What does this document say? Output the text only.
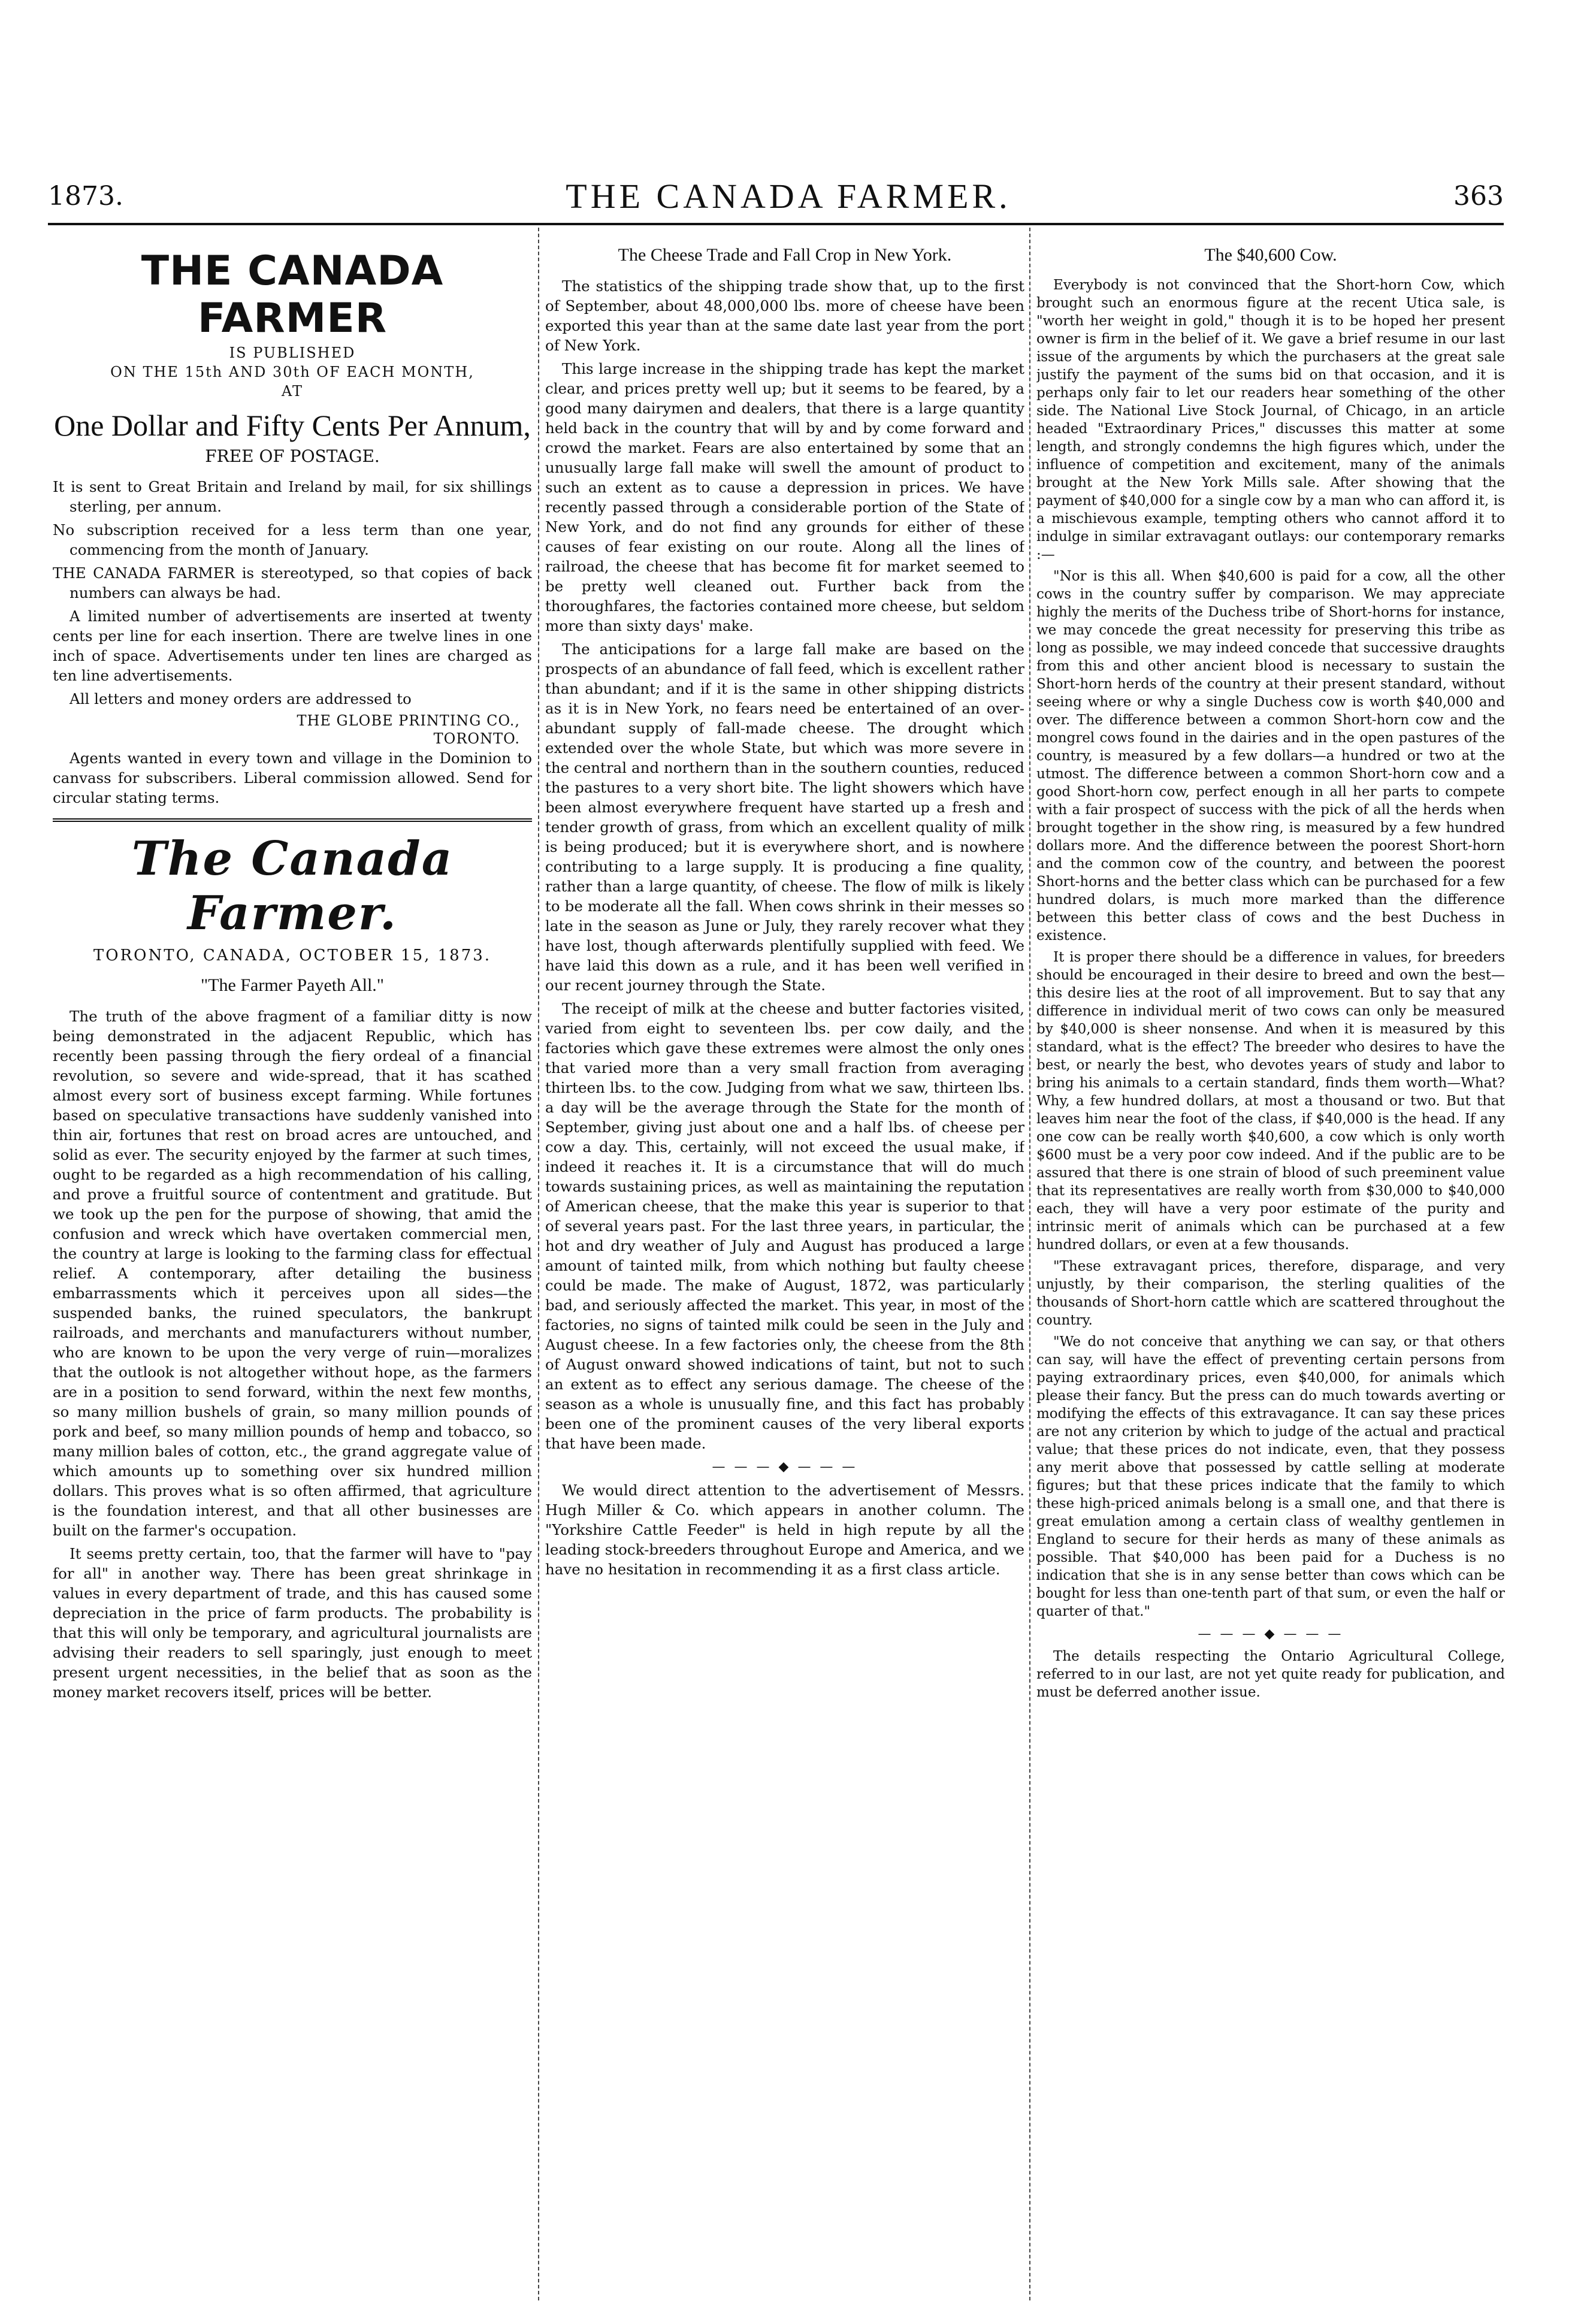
1873.	THE CANADA FARMER.	363
THE CANADA FARMER
IS PUBLISHED
ON THE 15th AND 30th OF EACH MONTH,
AT
One Dollar and Fifty Cents Per Annum,
FREE OF POSTAGE.

It is sent to Great Britain and Ireland by mail, for six shillings sterling, per annum.

No subscription received for a less term than one year, commencing from the month of January.

THE CANADA FARMER is stereotyped, so that copies of back numbers can always be had.

A limited number of advertisements are inserted at twenty cents per line for each insertion. There are twelve lines in one inch of space. Advertisements under ten lines are charged as ten line advertisements.

All letters and money orders are addressed to

THE GLOBE PRINTING CO.,
TORONTO.

Agents wanted in every town and village in the Dominion to canvass for subscribers. Liberal commission allowed. Send for circular stating terms.

The Canada Farmer.
TORONTO, CANADA, OCTOBER 15, 1873.
"The Farmer Payeth All."

The truth of the above fragment of a familiar ditty is now being demonstrated in the adjacent Republic, which has recently been passing through the fiery ordeal of a financial revolution, so severe and wide-spread, that it has scathed almost every sort of business except farming. While fortunes based on speculative transactions have suddenly vanished into thin air, fortunes that rest on broad acres are untouched, and solid as ever. The security enjoyed by the farmer at such times, ought to be regarded as a high recommendation of his calling, and prove a fruitful source of contentment and gratitude. But we took up the pen for the purpose of showing, that amid the confusion and wreck which have overtaken commercial men, the country at large is looking to the farming class for effectual relief. A contemporary, after detailing the business embarrassments which it perceives upon all sides—the suspended banks, the ruined speculators, the bankrupt railroads, and merchants and manufacturers without number, who are known to be upon the very verge of ruin—moralizes that the outlook is not altogether without hope, as the farmers are in a position to send forward, within the next few months, so many million bushels of grain, so many million pounds of pork and beef, so many million pounds of hemp and tobacco, so many million bales of cotton, etc., the grand aggregate value of which amounts up to something over six hundred million dollars. This proves what is so often affirmed, that agriculture is the foundation interest, and that all other businesses are built on the farmer's occupation.

It seems pretty certain, too, that the farmer will have to "pay for all" in another way. There has been great shrinkage in values in every department of trade, and this has caused some depreciation in the price of farm products. The probability is that this will only be temporary, and agricultural journalists are advising their readers to sell sparingly, just enough to meet present urgent necessities, in the belief that as soon as the money market recovers itself, prices will be better.

The Cheese Trade and Fall Crop in New York.

The statistics of the shipping trade show that, up to the first of September, about 48,000,000 lbs. more of cheese have been exported this year than at the same date last year from the port of New York.

This large increase in the shipping trade has kept the market clear, and prices pretty well up; but it seems to be feared, by a good many dairymen and dealers, that there is a large quantity held back in the country that will by and by come forward and crowd the market. Fears are also entertained by some that an unusually large fall make will swell the amount of product to such an extent as to cause a depression in prices. We have recently passed through a considerable portion of the State of New York, and do not find any grounds for either of these causes of fear existing on our route. Along all the lines of railroad, the cheese that has become fit for market seemed to be pretty well cleaned out. Further back from the thoroughfares, the factories contained more cheese, but seldom more than sixty days' make.

The anticipations for a large fall make are based on the prospects of an abundance of fall feed, which is excellent rather than abundant; and if it is the same in other shipping districts as it is in New York, no fears need be entertained of an over-abundant supply of fall-made cheese. The drought which extended over the whole State, but which was more severe in the central and northern than in the southern counties, reduced the pastures to a very short bite. The light showers which have been almost everywhere frequent have started up a fresh and tender growth of grass, from which an excellent quality of milk is being produced; but it is everywhere short, and is nowhere contributing to a large supply. It is producing a fine quality, rather than a large quantity, of cheese. The flow of milk is likely to be moderate all the fall. When cows shrink in their messes so late in the season as June or July, they rarely recover what they have lost, though afterwards plentifully supplied with feed. We have laid this down as a rule, and it has been well verified in our recent journey through the State.

The receipt of milk at the cheese and butter factories visited, varied from eight to seventeen lbs. per cow daily, and the factories which gave these extremes were almost the only ones that varied more than a very small fraction from averaging thirteen lbs. to the cow. Judging from what we saw, thirteen lbs. a day will be the average through the State for the month of September, giving just about one and a half lbs. of cheese per cow a day. This, certainly, will not exceed the usual make, if indeed it reaches it. It is a circumstance that will do much towards sustaining prices, as well as maintaining the reputation of American cheese, that the make this year is superior to that of several years past. For the last three years, in particular, the hot and dry weather of July and August has produced a large amount of tainted milk, from which nothing but faulty cheese could be made. The make of August, 1872, was particularly bad, and seriously affected the market. This year, in most of the factories, no signs of tainted milk could be seen in the July and August cheese. In a few factories only, the cheese from the 8th of August onward showed indications of taint, but not to such an extent as to effect any serious damage. The cheese of the season as a whole is unusually fine, and this fact has probably been one of the prominent causes of the very liberal exports that have been made.

— — — ◆ — — —

We would direct attention to the advertisement of Messrs. Hugh Miller & Co. which appears in another column. The "Yorkshire Cattle Feeder" is held in high repute by all the leading stock-breeders throughout Europe and America, and we have no hesitation in recommending it as a first class article.

The $40,600 Cow.

Everybody is not convinced that the Short-horn Cow, which brought such an enormous figure at the recent Utica sale, is "worth her weight in gold," though it is to be hoped her present owner is firm in the belief of it. We gave a brief resume in our last issue of the arguments by which the purchasers at the great sale justify the payment of the sums bid on that occasion, and it is perhaps only fair to let our readers hear something of the other side. The National Live Stock Journal, of Chicago, in an article headed "Extraordinary Prices," discusses this matter at some length, and strongly condemns the high figures which, under the influence of competition and excitement, many of the animals brought at the New York Mills sale. After showing that the payment of $40,000 for a single cow by a man who can afford it, is a mischievous example, tempting others who cannot afford it to indulge in similar extravagant outlays: our contemporary remarks :—

"Nor is this all. When $40,600 is paid for a cow, all the other cows in the country suffer by comparison. We may appreciate highly the merits of the Duchess tribe of Short-horns for instance, we may concede the great necessity for preserving this tribe as long as possible, we may indeed concede that successive draughts from this and other ancient blood is necessary to sustain the Short-horn herds of the country at their present standard, without seeing where or why a single Duchess cow is worth $40,000 and over. The difference between a common Short-horn cow and the mongrel cows found in the dairies and in the open pastures of the country, is measured by a few dollars—a hundred or two at the utmost. The difference between a common Short-horn cow and a good Short-horn cow, perfect enough in all her parts to compete with a fair prospect of success with the pick of all the herds when brought together in the show ring, is measured by a few hundred dollars more. And the difference between the poorest Short-horn and the common cow of the country, and between the poorest Short-horns and the better class which can be purchased for a few hundred dolars, is much more marked than the difference between this better class of cows and the best Duchess in existence.

It is proper there should be a difference in values, for breeders should be encouraged in their desire to breed and own the best—this desire lies at the root of all improvement. But to say that any difference in individual merit of two cows can only be measured by $40,000 is sheer nonsense. And when it is measured by this standard, what is the effect? The breeder who desires to have the best, or nearly the best, who devotes years of study and labor to bring his animals to a certain standard, finds them worth—What? Why, a few hundred dollars, at most a thousand or two. But that leaves him near the foot of the class, if $40,000 is the head. If any one cow can be really worth $40,600, a cow which is only worth $600 must be a very poor cow indeed. And if the public are to be assured that there is one strain of blood of such preeminent value that its representatives are really worth from $30,000 to $40,000 each, they will have a very poor estimate of the purity and intrinsic merit of animals which can be purchased at a few hundred dollars, or even at a few thousands.

"These extravagant prices, therefore, disparage, and very unjustly, by their comparison, the sterling qualities of the thousands of Short-horn cattle which are scattered throughout the country.

"We do not conceive that anything we can say, or that others can say, will have the effect of preventing certain persons from paying extraordinary prices, even $40,000, for animals which please their fancy. But the press can do much towards averting or modifying the effects of this extravagance. It can say these prices are not any criterion by which to judge of the actual and practical value; that these prices do not indicate, even, that they possess any merit above that possessed by cattle selling at moderate figures; but that these prices indicate that the family to which these high-priced animals belong is a small one, and that there is great emulation among a certain class of wealthy gentlemen in England to secure for their herds as many of these animals as possible. That $40,000 has been paid for a Duchess is no indication that she is in any sense better than cows which can be bought for less than one-tenth part of that sum, or even the half or quarter of that."

— — — ◆ — — —

The details respecting the Ontario Agricultural College, referred to in our last, are not yet quite ready for publication, and must be deferred another issue.
